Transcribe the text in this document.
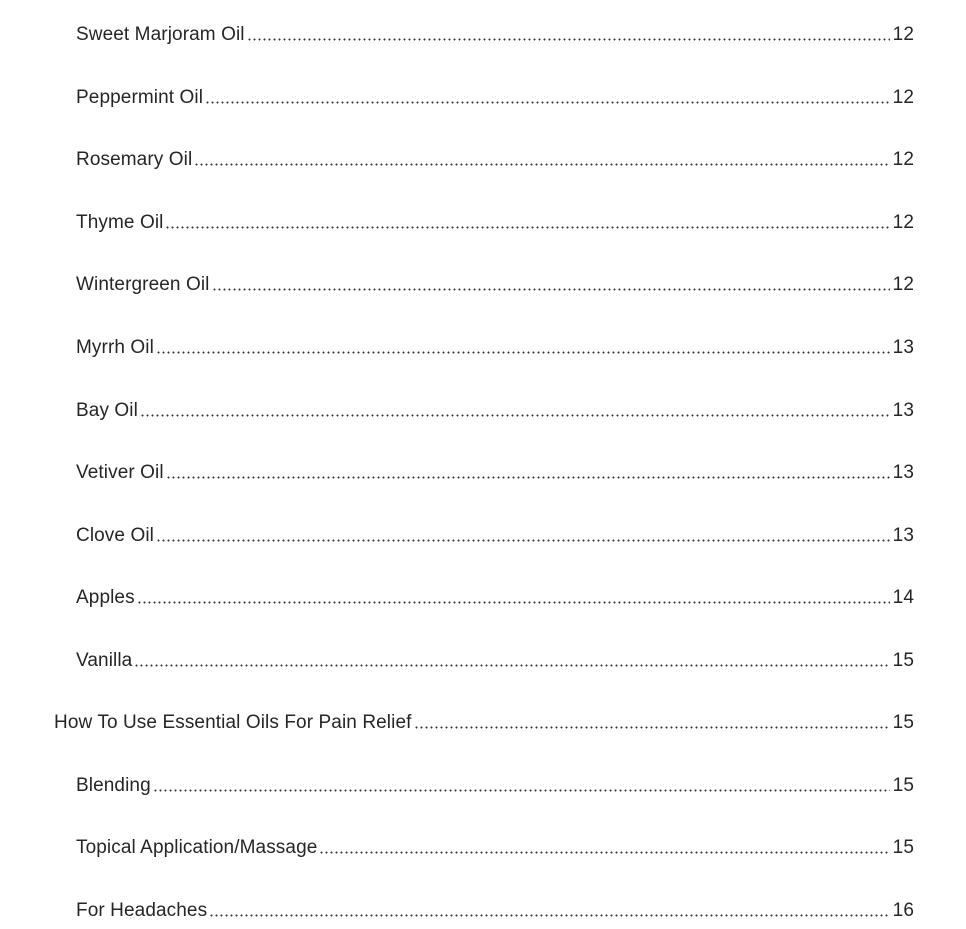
Sweet Marjoram Oil	12
Peppermint Oil	12
Rosemary Oil	12
Thyme Oil	12
Wintergreen Oil	12
Myrrh Oil	13
Bay Oil	13
Vetiver Oil	13
Clove Oil	13
Apples	14
Vanilla	15
How To Use Essential Oils For Pain Relief	15
Blending	15
Topical Application/Massage	15
For Headaches	16
